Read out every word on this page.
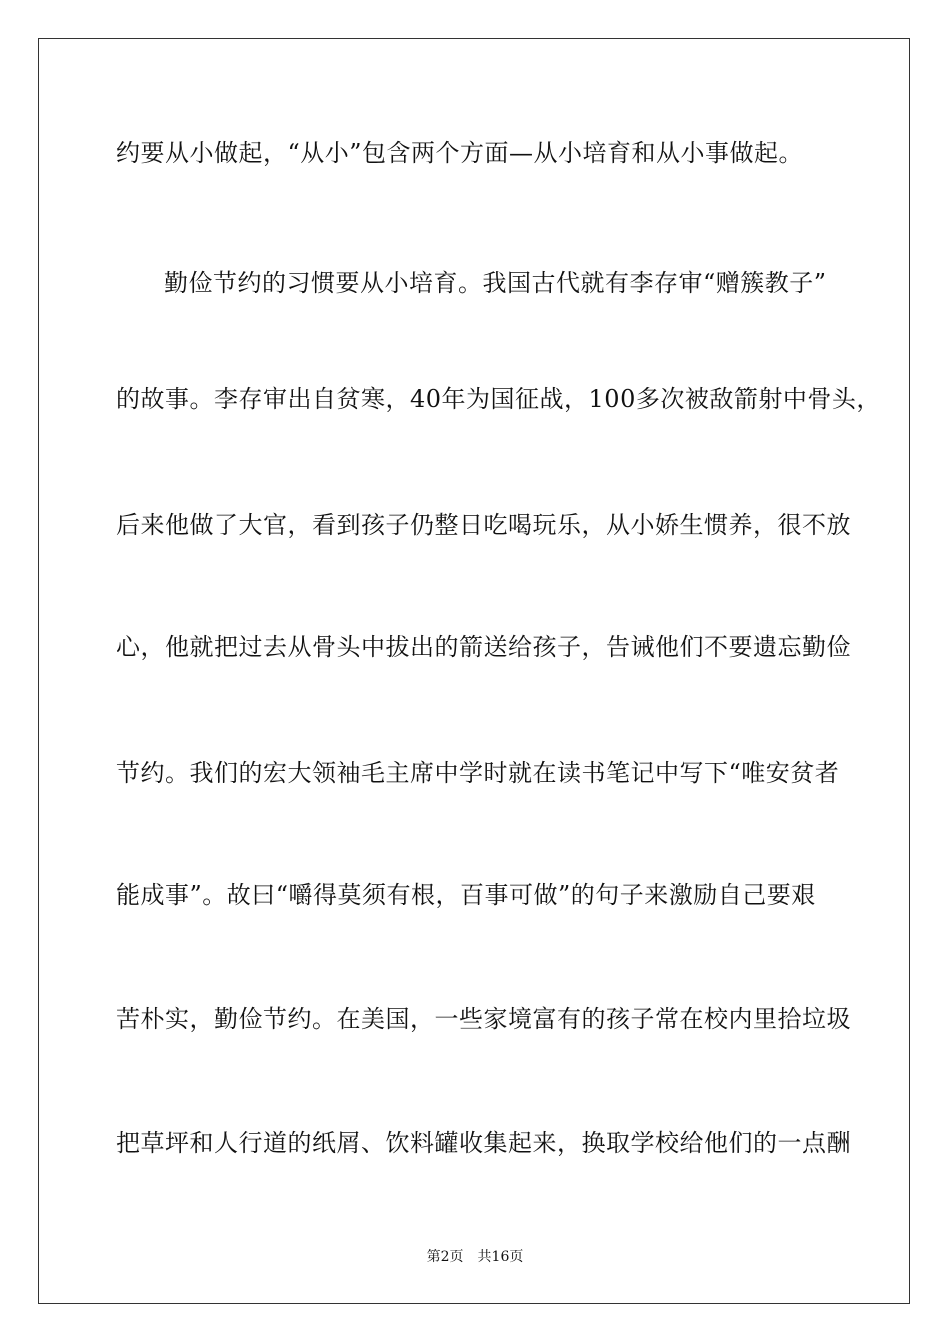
约要从小做起，“从小”包含两个方面—从小培育和从小事做起。
勤俭节约的习惯要从小培育。我国古代就有李存审“赠簇教子”
的故事。李存审出自贫寒，40年为国征战，100多次被敌箭射中骨头，
后来他做了大官，看到孩子仍整日吃喝玩乐，从小娇生惯养，很不放
心，他就把过去从骨头中拔出的箭送给孩子，告诫他们不要遗忘勤俭
节约。我们的宏大领袖毛主席中学时就在读书笔记中写下“唯安贫者
能成事”。故曰“嚼得莫须有根，百事可做”的句子来激励自己要艰
苦朴实，勤俭节约。在美国，一些家境富有的孩子常在校内里拾垃圾
把草坪和人行道的纸屑、饮料罐收集起来，换取学校给他们的一点酬
第2页　共16页
